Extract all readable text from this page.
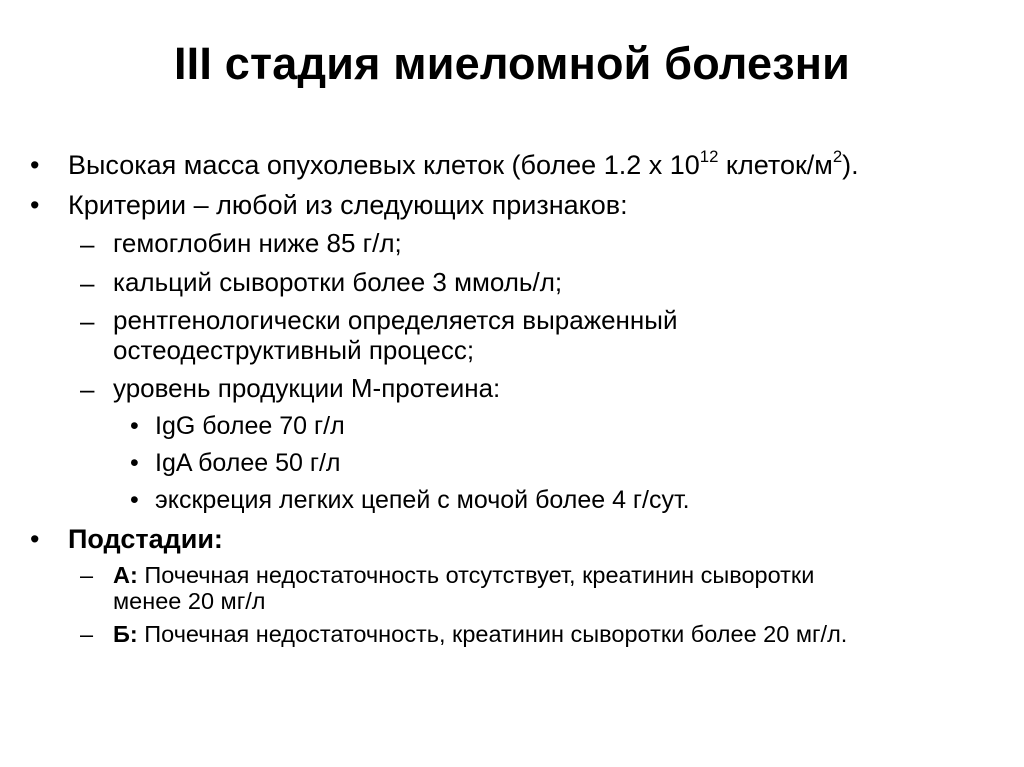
III стадия миеломной болезни
• Высокая масса опухолевых клеток (более 1.2 х $10^{12}$ клеток/$м^2$).
• Критерии – любой из следующих признаков:
– гемоглобин ниже 85 г/л;
– кальций сыворотки более 3 ммоль/л;
– рентгенологически определяется выраженный
остеодеструктивный процесс;
– уровень продукции М-протеина:
• IgG более 70 г/л
• IgA более 50 г/л
• экскреция легких цепей с мочой более 4 г/сут.
• Подстадии:
– А: Почечная недостаточность отсутствует, креатинин сыворотки
менее 20 мг/л
– Б: Почечная недостаточность, креатинин сыворотки более 20 мг/л.
